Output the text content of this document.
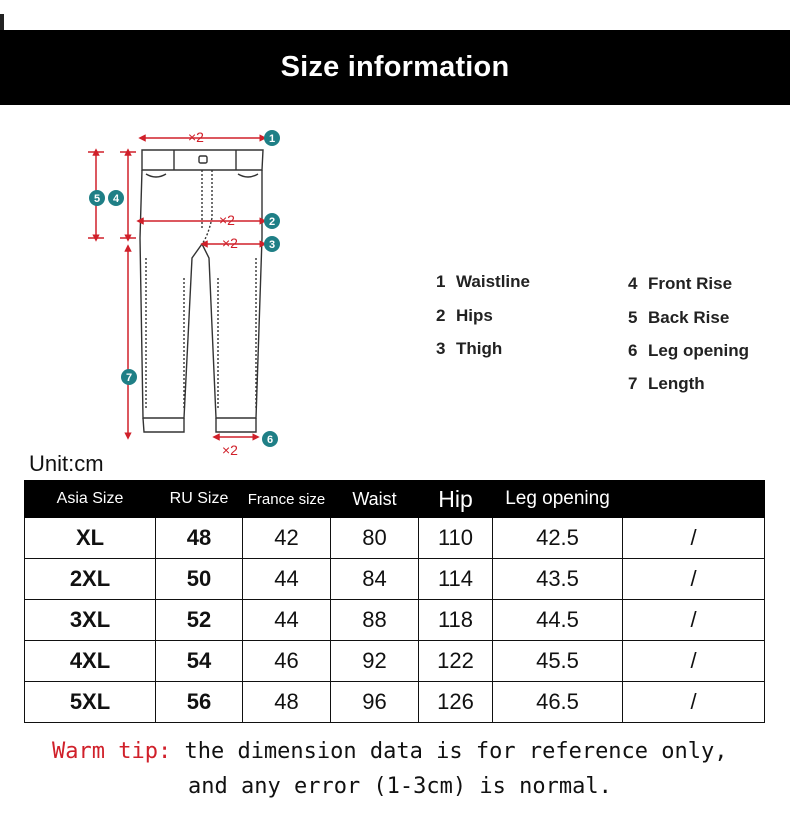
Size information
×2
×2
×2
×2
1
2
3
4
5
6
7
1 Waistline
2 Hips
3 Thigh
4 Front Rise
5 Back Rise
6 Leg opening
7 Length
Unit:cm
Asia Size	RU Size	France size	Waist	Hip	Leg opening	
XL	48	42	80	110	42.5	/
2XL	50	44	84	114	43.5	/
3XL	52	44	88	118	44.5	/
4XL	54	46	92	122	45.5	/
5XL	56	48	96	126	46.5	/
Warm tip: the dimension data is for reference only,
and any error (1-3cm) is normal.
